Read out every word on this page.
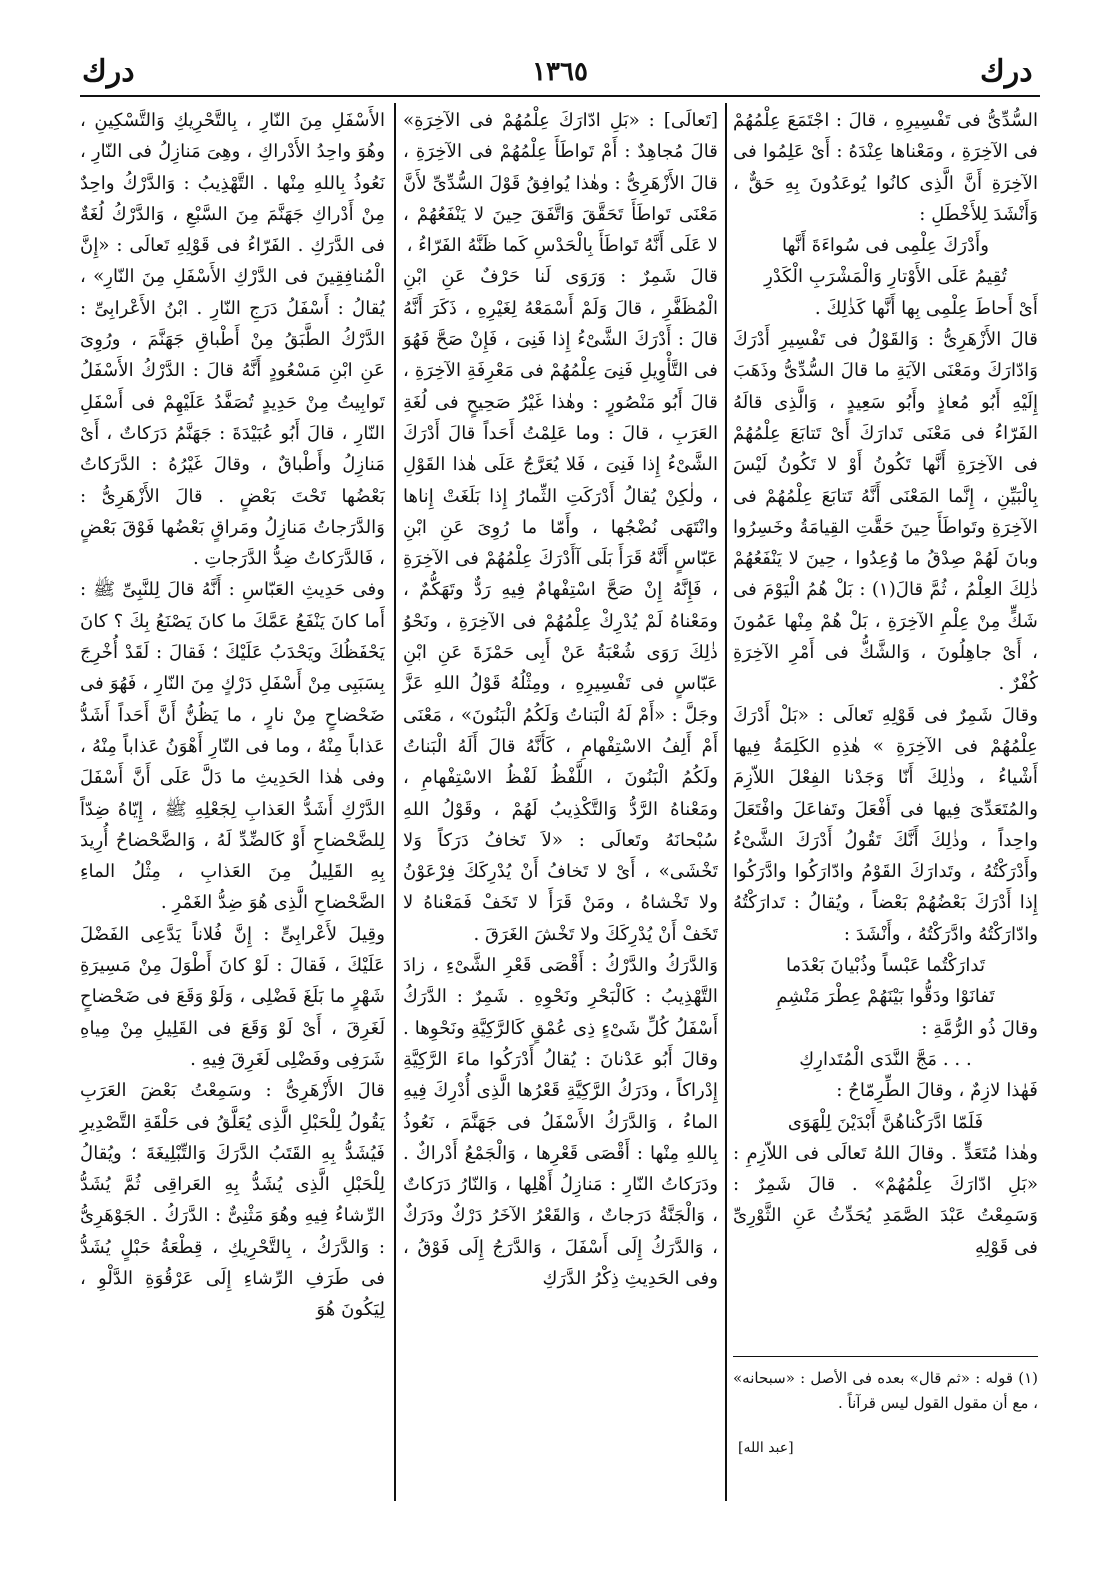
درك	١٣٦٥	درك

السُّدِّىُّ فى تَفْسِيرِهِ ، قالَ : اجْتَمَعَ عِلْمُهُمْ فى الآخِرَةِ ، ومَعْناها عِنْدَهُ : أَىْ عَلِمُوا فى الآخِرَةِ أَنَّ الَّذِى كانُوا يُوعَدُونَ بِهِ حَقٌّ ، وَأَنْشَدَ لِلأَخْطَلِ :

وأَدْرَكَ عِلْمِى فى سُواءَةَ أَنَّها

تُقِيمُ عَلَى الأَوْتارِ وَالْمَشْرَبِ الْكَدْرِ

أَىْ أَحاطَ عِلْمِى بِها أَنَّها كَذٰلِكَ .

قالَ الأَزْهَرِىُّ : وَالقَوْلُ فى تَفْسِيرِ أَدْرَكَ وَادّارَكَ ومَعْنَى الآيَةِ ما قالَ السُّدِّىُّ وذَهَبَ إِلَيْهِ أَبُو مُعاذٍ وأَبُو سَعِيدٍ ، وَالَّذِى قالَهُ الفَرّاءُ فى مَعْنَى تَدارَكَ أَىْ تَتابَعَ عِلْمُهُمْ فى الآخِرَةِ أَنَّها تَكُونُ أَوْ لا تَكُونُ لَيْسَ بِالْبَيِّنِ ، إِنَّما المَعْنَى أَنَّهُ تَتابَعَ عِلْمُهُمْ فى الآخِرَةِ وتَواطَأَ حِينَ حَقَّتِ القِيامَةُ وخَسِرُوا وبانَ لَهُمْ صِدْقُ ما وُعِدُوا ، حِينَ لا يَنْفَعُهُمْ ذٰلِكَ العِلْمُ ، ثُمَّ قالَ(١) : بَلْ هُمُ الْيَوْمَ فى شَكٍّ مِنْ عِلْمِ الآخِرَةِ ، بَلْ هُمْ مِنْها عَمُونَ ، أَىْ جاهِلُونَ ، وَالشَّكُّ فى أَمْرِ الآخِرَةِ كُفْرٌ .

وقالَ شَمِرٌ فى قَوْلِهِ تَعالَى : «بَلْ أَدْرَكَ عِلْمُهُمْ فى الآخِرَةِ » هٰذِهِ الكَلِمَةُ فِيها أَشْياءُ ، وذٰلِكَ أَنّا وَجَدْنا الفِعْلَ اللاّزِمَ والمُتَعَدِّىَ فِيها فى أَفْعَلَ وتَفاعَلَ وافْتَعَلَ واحِداً ، وذٰلِكَ أَنَّكَ تَقُولُ أَدْرَكَ الشَّىْءُ وأَدْرَكْتُهُ ، وتَدارَكَ القَوْمُ وادّارَكُوا وادَّرَكُوا إِذا أَدْرَكَ بَعْضُهُمْ بَعْضاً ، ويُقالُ : تَدارَكْتُهُ وادّارَكْتُهُ وادَّرَكْتُهُ ، وأَنْشَدَ :

تَدارَكْتُما عَبْساً وذُبْيانَ بَعْدَما

تَفانَوْا ودَقُّوا بَيْنَهُمْ عِطْرَ مَنْشِمِ

وقالَ ذُو الرُّمَّةِ :

. . . مَجَّ النَّدَى الْمُتَدارِكِ

فَهٰذا لازِمٌ ، وقالَ الطِّرِمّاحُ :

فَلَمّا ادَّرَكْناهُنَّ أَبْدَيْنَ لِلْهَوَى

وهٰذا مُتَعَدٍّ . وقالَ اللهُ تَعالَى فى اللاّزِمِ : «بَلِ ادّارَكَ عِلْمُهُمْ» . قالَ شَمِرٌ : وَسَمِعْتُ عَبْدَ الصَّمَدِ يُحَدِّثُ عَنِ الثَّوْرِىِّ فى قَوْلِهِ

[تَعالَى] : «بَلِ ادّارَكَ عِلْمُهُمْ فى الآخِرَةِ» قالَ مُجاهِدٌ : أَمْ تَواطَأَ عِلْمُهُمْ فى الآخِرَةِ ، قالَ الأَزْهَرِىُّ : وهٰذا يُوافِقُ قَوْلَ السُّدِّىِّ لأَنَّ مَعْنَى تَواطَأَ تَحَقَّقَ وَاتَّفَقَ حِينَ لا يَنْفَعُهُمْ ، لا عَلَى أَنَّهُ تَواطَأَ بِالْحَدْسِ كَما ظَنَّهُ الفَرّاءُ ،

قالَ شَمِرٌ : وَرَوَى لَنا حَرْفٌ عَنِ ابْنِ الْمُظَفَّرِ ، قالَ وَلَمْ أَسْمَعْهُ لِغَيْرِهِ ، ذَكَرَ أَنَّهُ قالَ : أَدْرَكَ الشَّىْءُ إِذا فَنِىَ ، فَإِنْ صَحَّ فَهُوَ فى التَّأْوِيلِ فَنِىَ عِلْمُهُمْ فى مَعْرِفَةِ الآخِرَةِ ، قالَ أَبُو مَنْصُورٍ : وهٰذا غَيْرُ صَحِيحٍ فى لُغَةِ العَرَبِ ، قالَ : وما عَلِمْتُ أَحَداً قالَ أَدْرَكَ الشَّىْءُ إِذا فَنِىَ ، فَلا يُعَرَّجُ عَلَى هٰذا القَوْلِ ، ولٰكِنْ يُقالُ أَدْرَكَتِ الثِّمارُ إِذا بَلَغَتْ إِناها وانْتَهَى نُضْجُها ، وأَمّا ما رُوِىَ عَنِ ابْنِ عَبّاسٍ أَنَّهُ قَرَأَ بَلَى آأَدْرَكَ عِلْمُهُمْ فى الآخِرَةِ ، فَإِنَّهُ إِنْ صَحَّ اسْتِفْهامٌ فِيهِ رَدٌّ وتَهَكُّمٌ ، ومَعْناهُ لَمْ يُدْرِكْ عِلْمُهُمْ فى الآخِرَةِ ، ونَحْوُ ذٰلِكَ رَوَى شُعْبَةُ عَنْ أَبِى حَمْزَةَ عَنِ ابْنِ عَبّاسٍ فى تَفْسِيرِهِ ، ومِثْلُهُ قَوْلُ اللهِ عَزَّ وجَلَّ : «أَمْ لَهُ الْبَناتُ وَلَكُمُ الْبَنُونَ» ، مَعْنَى أَمْ أَلِفُ الاسْتِفْهامِ ، كَأَنَّهُ قالَ أَلَهُ الْبَناتُ ولَكُمُ الْبَنُونَ ، اللَّفْظُ لَفْظُ الاسْتِفْهامِ ، ومَعْناهُ الرَّدُّ وَالتَّكْذِيبُ لَهُمْ ، وقَوْلُ اللهِ سُبْحانَهُ وتَعالَى : «لاَ تَخافُ دَرَكاً وَلا تَخْشَى» ، أَىْ لا تَخافُ أَنْ يُدْرِكَكَ فِرْعَوْنُ ولا تَخْشاهُ ، ومَنْ قَرَأَ لا تَخَفْ فَمَعْناهُ لا تَخَفْ أَنْ يُدْرِكَكَ ولا تَخْشَ الغَرَقَ .

وَالدَّرَكُ والدَّرْكُ : أَقْصَى قَعْرِ الشَّىْءِ ، زادَ التَّهْذِيبُ : كَالْبَحْرِ ونَحْوِهِ . شَمِرٌ : الدَّرَكُ أَسْفَلُ كُلِّ شَىْءٍ ذِى عُمْقٍ كَالرَّكِيَّةِ ونَحْوِها . وقالَ أَبُو عَدْنانَ : يُقالُ أَدْرَكُوا ماءَ الرَّكِيَّةِ إِدْراكاً ، ودَرَكُ الرَّكِيَّةِ قَعْرُها الَّذِى أُدْرِكَ فِيهِ الماءُ ، وَالدَّرَكُ الأَسْفَلُ فى جَهَنَّمَ ، نَعُوذُ بِاللهِ مِنْها : أَقْصَى قَعْرِها ، وَالْجَمْعُ أَدْراكٌ . ودَرَكاتُ النّارِ : مَنازِلُ أَهْلِها ، وَالنّارُ دَرَكاتٌ ، وَالْجَنَّةُ دَرَجاتٌ ، وَالقَعْرُ الآخَرُ دَرْكٌ ودَرَكٌ ، وَالدَّرَكُ إِلَى أَسْفَلَ ، وَالدَّرَجُ إِلَى فَوْقُ ، وفى الحَدِيثِ ذِكْرُ الدَّرَكِ

الأَسْفَلِ مِنَ النّارِ ، بِالتَّحْرِيكِ وَالتَّسْكِينِ ، وهُوَ واحِدُ الأَدْراكِ ، وهِىَ مَنازِلُ فى النّارِ ، نَعُوذُ بِاللهِ مِنْها . التَّهْذِيبُ : وَالدَّرْكُ واحِدٌ مِنْ أَدْراكِ جَهَنَّمَ مِنَ السَّبْعِ ، وَالدَّرْكُ لُغَةٌ فى الدَّرَكِ . الفَرّاءُ فى قَوْلِهِ تَعالَى : «إِنَّ الْمُنافِقِينَ فى الدَّرْكِ الأَسْفَلِ مِنَ النّارِ» ، يُقالُ : أَسْفَلُ دَرَجِ النّارِ . ابْنُ الأَعْرابِىِّ : الدَّرْكُ الطَّبَقُ مِنْ أَطْباقِ جَهَنَّمَ ، ورُوِىَ عَنِ ابْنِ مَسْعُودٍ أَنَّهُ قالَ : الدَّرْكُ الأَسْفَلُ تَوابِيتُ مِنْ حَدِيدٍ تُصَفَّدُ عَلَيْهِمْ فى أَسْفَلِ النّارِ ، قالَ أَبُو عُبَيْدَةَ : جَهَنَّمُ دَرَكاتٌ ، أَىْ مَنازِلُ وأَطْباقٌ ، وقالَ غَيْرُهُ : الدَّرَكاتُ بَعْضُها تَحْتَ بَعْضٍ . قالَ الأَزْهَرِىُّ : وَالدَّرَجاتُ مَنازِلُ ومَراقٍ بَعْضُها فَوْقَ بَعْضٍ ، فَالدَّرَكاتُ ضِدُّ الدَّرَجاتِ .

وفى حَدِيثِ العَبّاسِ : أَنَّهُ قالَ لِلنَّبِىِّ ﷺ : أَما كانَ يَنْفَعُ عَمَّكَ ما كانَ يَصْنَعُ بِكَ ؟ كانَ يَحْفَظُكَ ويَحْدَبُ عَلَيْكَ ؛ فَقالَ : لَقَدْ أُخْرِجَ بِسَبَبِى مِنْ أَسْفَلِ دَرْكٍ مِنَ النّارِ ، فَهُوَ فى ضَحْضاحٍ مِنْ نارٍ ، ما يَظُنُّ أَنَّ أَحَداً أَشَدُّ عَذاباً مِنْهُ ، وما فى النّارِ أَهْوَنُ عَذاباً مِنْهُ ، وفى هٰذا الحَدِيثِ ما دَلَّ عَلَى أَنَّ أَسْفَلَ الدَّرْكِ أَشَدُّ العَذابِ لِجَعْلِهِ ﷺ ، إِيّاهُ ضِدّاً لِلضَّحْضاحِ أَوْ كَالضِّدِّ لَهُ ، وَالضَّحْضاحُ أُرِيدَ بِهِ القَلِيلُ مِنَ العَذابِ ، مِثْلُ الماءِ الضَّحْضاحِ الَّذِى هُوَ ضِدُّ الغَمْرِ .

وقِيلَ لأَعْرابِىٍّ : إِنَّ فُلاناً يَدَّعِى الفَضْلَ عَلَيْكَ ، فَقالَ : لَوْ كانَ أَطْوَلَ مِنْ مَسِيرَةِ شَهْرٍ ما بَلَغَ فَضْلِى ، وَلَوْ وَقَعَ فى ضَحْضاحٍ لَغَرِقَ ، أَىْ لَوْ وَقَعَ فى القَلِيلِ مِنْ مِياهِ شَرَفِى وفَضْلِى لَغَرِقَ فِيهِ .

قالَ الأَزْهَرِىُّ : وسَمِعْتُ بَعْضَ العَرَبِ يَقُولُ لِلْحَبْلِ الَّذِى يُعَلَّقُ فى حَلْقَةِ التَّصْدِيرِ فَيُشَدُّ بِهِ القَتَبُ الدَّرَكَ وَالتِّبْلِيغَةَ ؛ ويُقالُ لِلْحَبْلِ الَّذِى يُشَدُّ بِهِ العَراقِى ثُمَّ يُشَدُّ الرِّشاءُ فِيهِ وهُوَ مَثْنِىٌّ : الدَّرَكُ . الجَوْهَرِىُّ : وَالدَّرَكُ ، بِالتَّحْرِيكِ ، قِطْعَةُ حَبْلٍ يُشَدُّ فى طَرَفِ الرِّشاءِ إِلَى عَرْقُوَةِ الدَّلْوِ ، لِيَكُونَ هُوَ

(١) قوله : «ثم قال» بعده فى الأصل : «سبحانه» ، مع أن مقول القول ليس قرآناً .
[عبد الله]
